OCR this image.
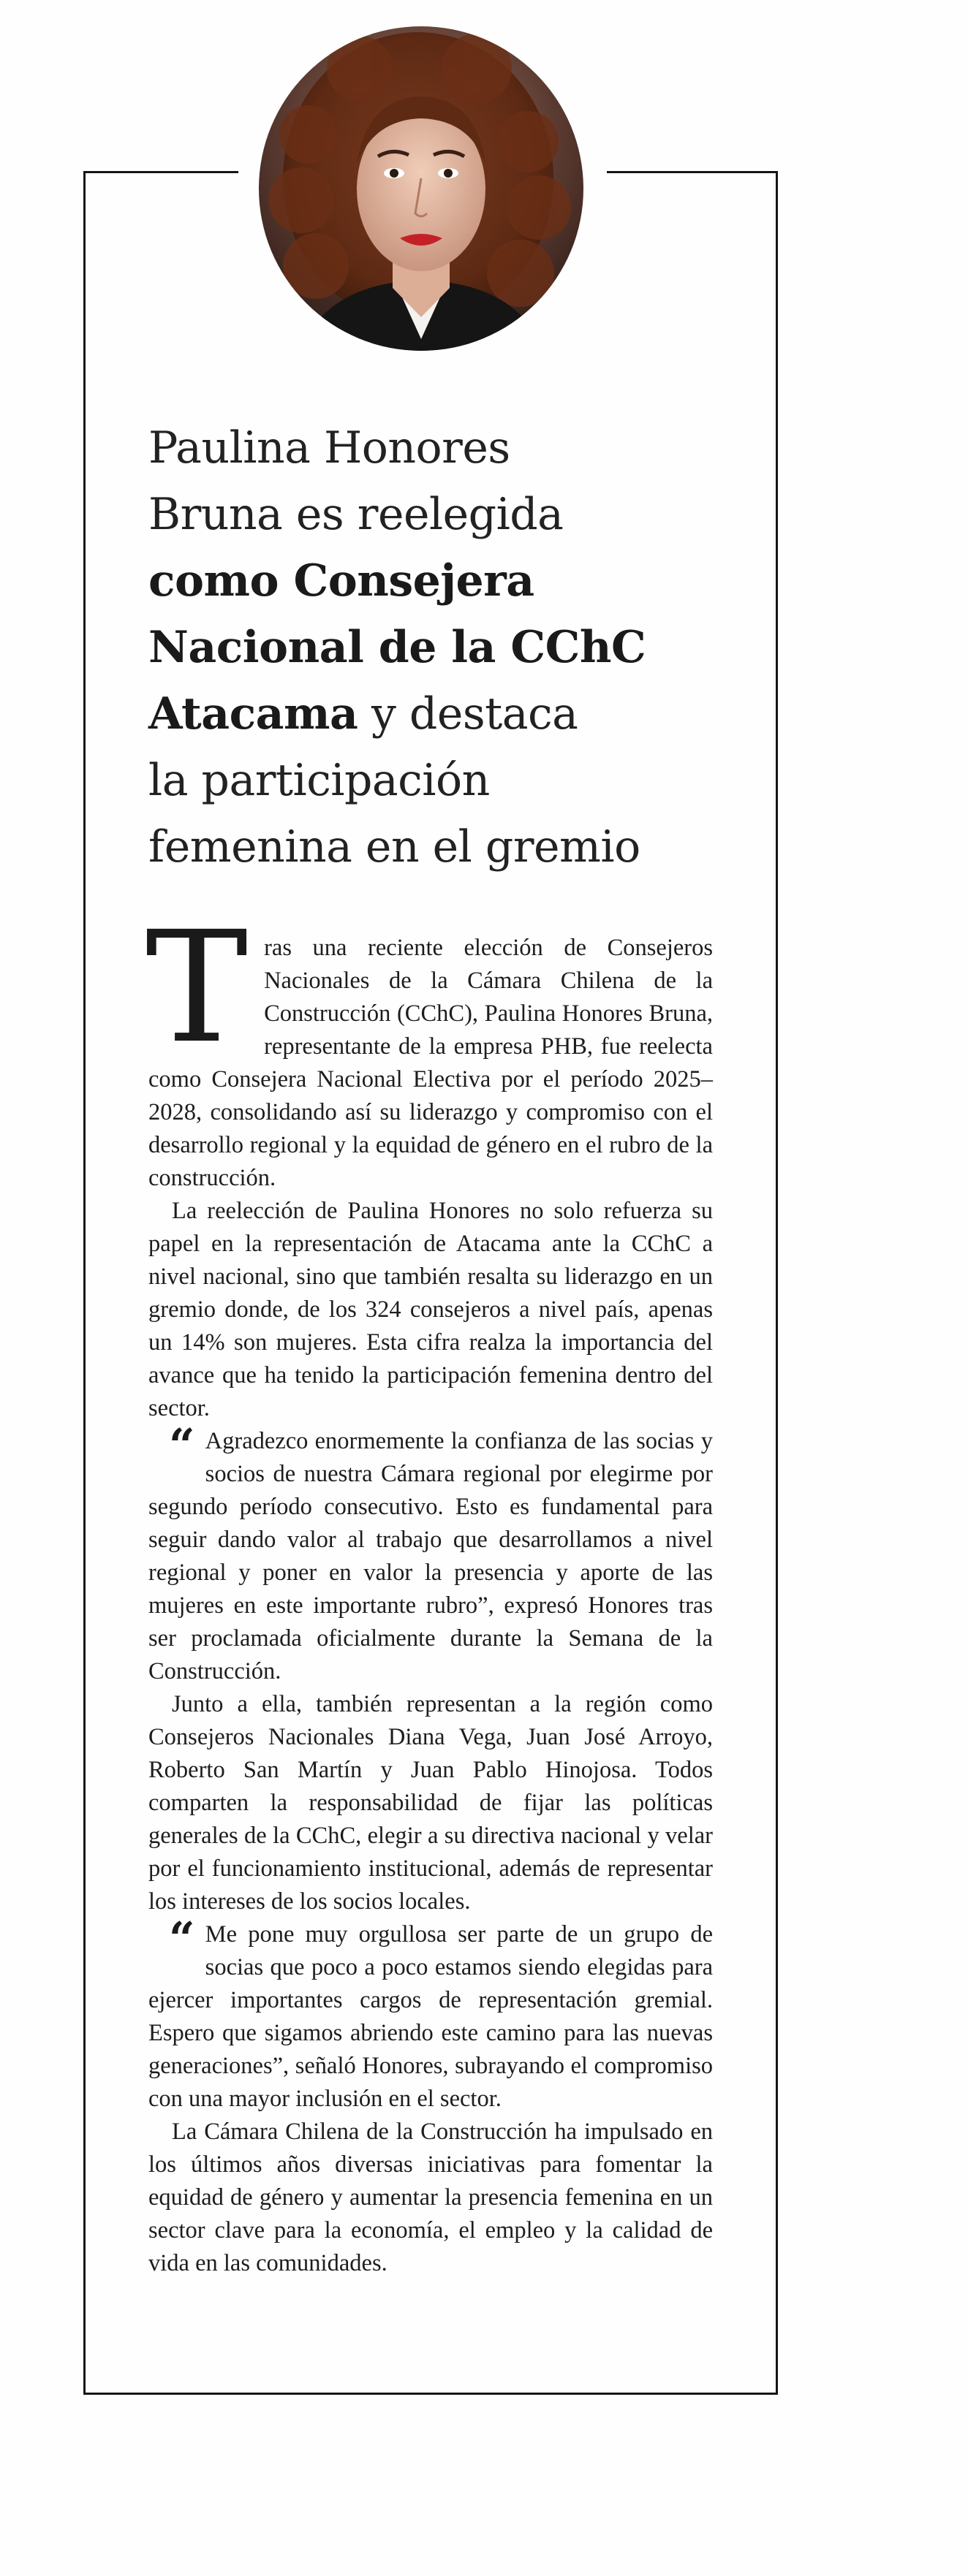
Paulina Honores
Bruna es reelegida
como Consejera
Nacional de la CChC
Atacama y destaca
la participación
femenina en el gremio

Tras una reciente elección de Consejeros Nacionales de la Cámara Chilena de la Construcción (CChC), Paulina Honores Bruna, representante de la empresa PHB, fue reelecta como Consejera Nacional Electiva por el período 2025–2028, consolidando así su liderazgo y compromiso con el desarrollo regional y la equidad de género en el rubro de la construcción.

La reelección de Paulina Honores no solo refuerza su papel en la representación de Atacama ante la CChC a nivel nacional, sino que también resalta su liderazgo en un gremio donde, de los 324 consejeros a nivel país, apenas un 14% son mujeres. Esta cifra realza la importancia del avance que ha tenido la participación femenina dentro del sector.

“ Agradezco enormemente la confianza de las socias y socios de nuestra Cámara regional por elegirme por segundo período consecutivo. Esto es fundamental para seguir dando valor al trabajo que desarrollamos a nivel regional y poner en valor la presencia y aporte de las mujeres en este importante rubro”, expresó Honores tras ser proclamada oficialmente durante la Semana de la Construcción.

Junto a ella, también representan a la región como Consejeros Nacionales Diana Vega, Juan José Arroyo, Roberto San Martín y Juan Pablo Hinojosa. Todos comparten la responsabilidad de fijar las políticas generales de la CChC, elegir a su directiva nacional y velar por el funcionamiento institucional, además de representar los intereses de los socios locales.

“ Me pone muy orgullosa ser parte de un grupo de socias que poco a poco estamos siendo elegidas para ejercer importantes cargos de representación gremial. Espero que sigamos abriendo este camino para las nuevas generaciones”, señaló Honores, subrayando el compromiso con una mayor inclusión en el sector.

La Cámara Chilena de la Construcción ha impulsado en los últimos años diversas iniciativas para fomentar la equidad de género y aumentar la presencia femenina en un sector clave para la economía, el empleo y la calidad de vida en las comunidades.
